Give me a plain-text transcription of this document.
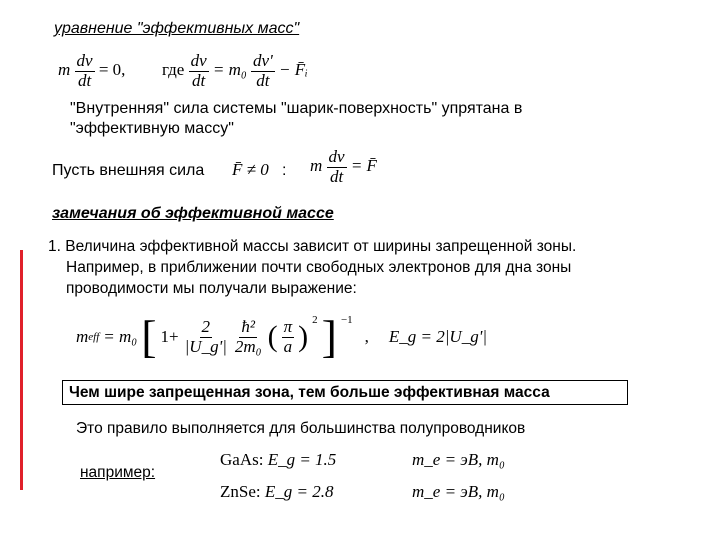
уравнение "эффективных масс"
m $\frac{dv}{dt} = 0$, где $\frac{dv}{dt} = m_0 \frac{dv'}{dt}$ − F̄ᵢ
"Внутренняя" сила системы "шарик-поверхность" упрятана в
"эффективную массу"
Пусть внешняя сила F̄ ≠ 0 : m $\frac{dv}{dt}$ = F̄
замечания об эффективной массе
1. Величина эффективной массы зависит от ширины запрещенной зоны.
Например, в приближении почти свободных электронов для дна зоны
проводимости мы получали выражение:
m eff = m₀ [ $1+ \frac{2}{|U\_g'|} \frac{\text{ħ²}}{\text{2m₀}}$ ( $\frac{\pi}{a}$ ) $^2$ ] $^{-1}$
, E_g = 2|U_g'|
Чем шире запрещенная зона, тем больше эффективная масса
Это правило выполняется для большинства полупроводников
например:
GaAs: E_g = 1.5	m_e = эВ, m₀
ZnSe: E_g = 2.8	m_e = эВ, m₀
